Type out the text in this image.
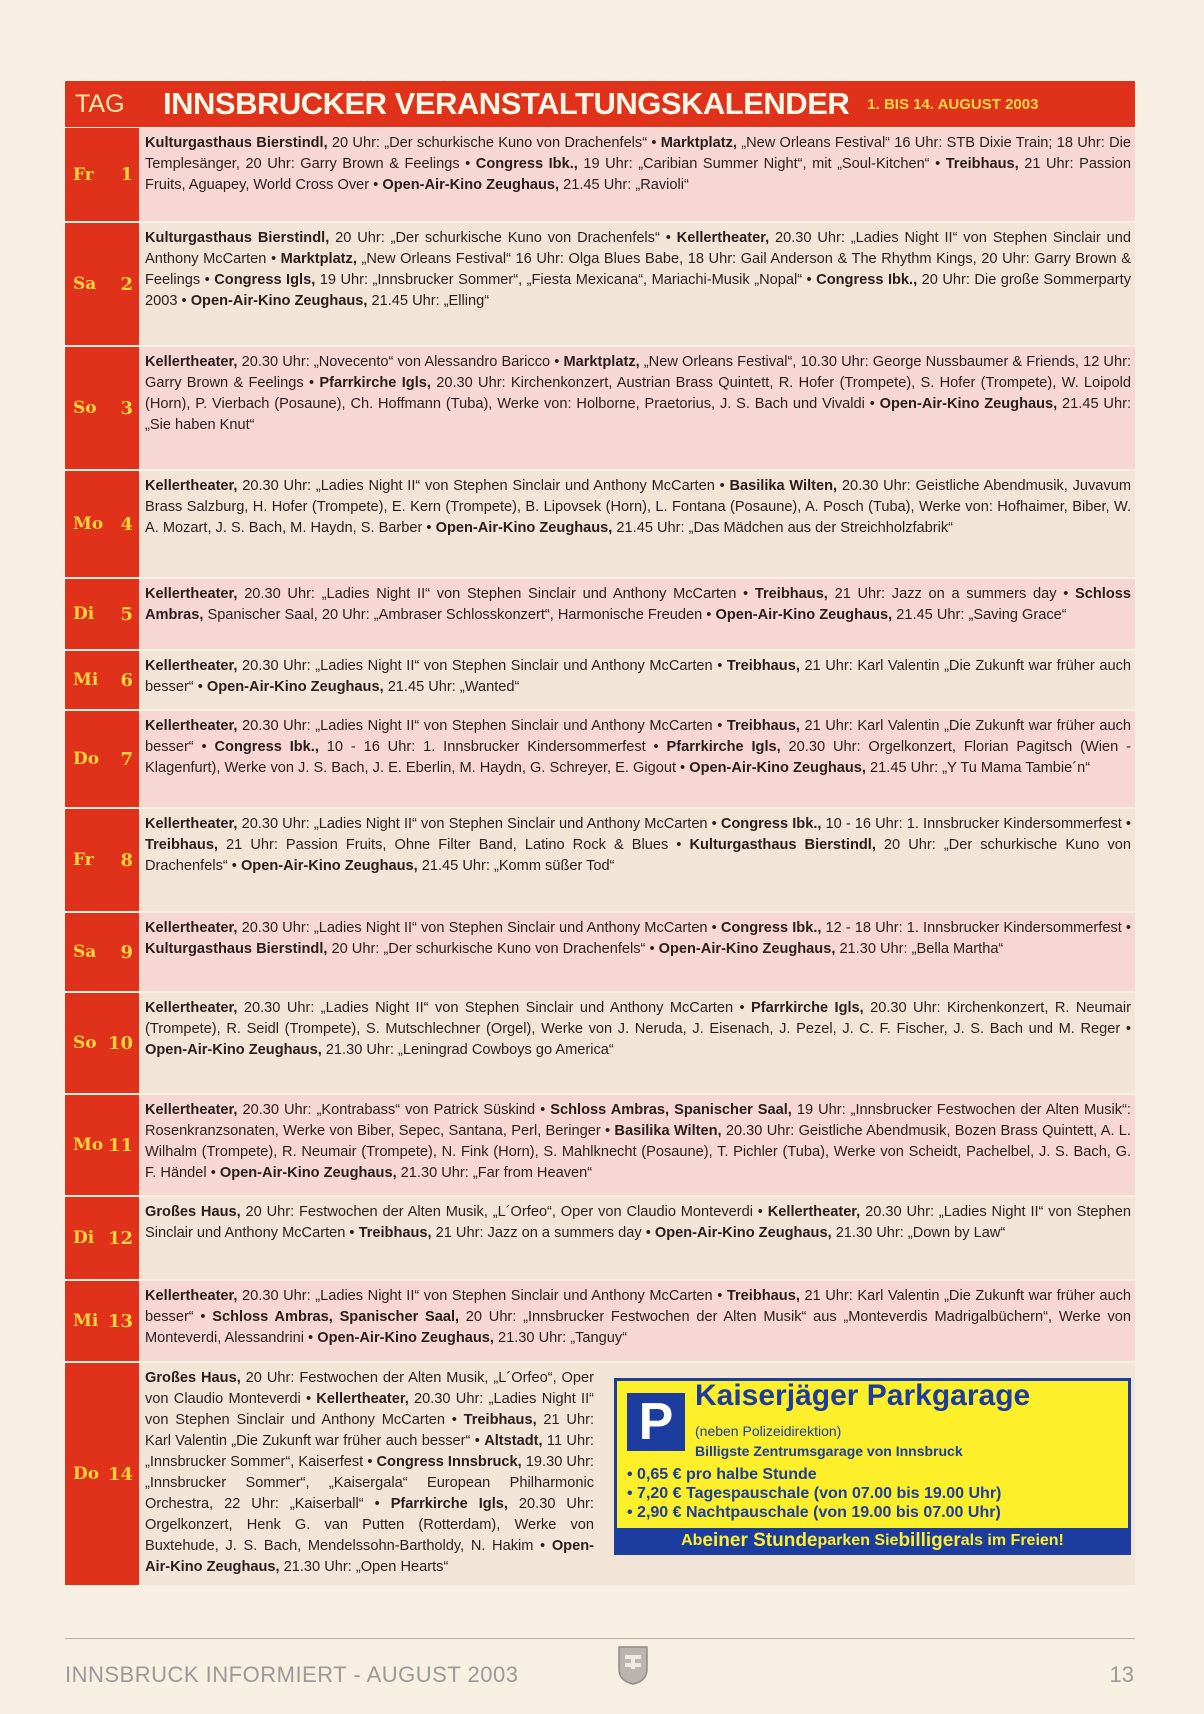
TAG	INNSBRUCKER VERANSTALTUNGSKALENDER 1. BIS 14. AUGUST 2003
Fr 1
Kulturgasthaus Bierstindl, 20 Uhr: „Der schurkische Kuno von Drachenfels“ • Marktplatz, „New Orleans Festival“ 16 Uhr: STB Dixie Train; 18 Uhr: Die Templesänger, 20 Uhr: Garry Brown & Feelings • Congress Ibk., 19 Uhr: „Caribian Summer Night“, mit „Soul-Kitchen“ • Treibhaus, 21 Uhr: Passion Fruits, Aguapey, World Cross Over • Open-Air-Kino Zeughaus, 21.45 Uhr: „Ravioli“
Sa 2
Kulturgasthaus Bierstindl, 20 Uhr: „Der schurkische Kuno von Drachenfels“ • Kellertheater, 20.30 Uhr: „Ladies Night II“ von Stephen Sinclair und Anthony McCarten • Marktplatz, „New Orleans Festival“ 16 Uhr: Olga Blues Babe, 18 Uhr: Gail Anderson & The Rhythm Kings, 20 Uhr: Garry Brown & Feelings • Congress Igls, 19 Uhr: „Innsbrucker Sommer“, „Fiesta Mexicana“, Mariachi-Musik „Nopal“ • Congress Ibk., 20 Uhr: Die große Sommerparty 2003 • Open-Air-Kino Zeughaus, 21.45 Uhr: „Elling“
So 3
Kellertheater, 20.30 Uhr: „Novecento“ von Alessandro Baricco • Marktplatz, „New Orleans Festival“, 10.30 Uhr: George Nussbaumer & Friends, 12 Uhr: Garry Brown & Feelings • Pfarrkirche Igls, 20.30 Uhr: Kirchenkonzert, Austrian Brass Quintett, R. Hofer (Trompete), S. Hofer (Trompete), W. Loipold (Horn), P. Vierbach (Posaune), Ch. Hoffmann (Tuba), Werke von: Holborne, Praetorius, J. S. Bach und Vivaldi • Open-Air-Kino Zeughaus, 21.45 Uhr: „Sie haben Knut“
Mo 4
Kellertheater, 20.30 Uhr: „Ladies Night II“ von Stephen Sinclair und Anthony McCarten • Basilika Wilten, 20.30 Uhr: Geistliche Abendmusik, Juvavum Brass Salzburg, H. Hofer (Trompete), E. Kern (Trompete), B. Lipovsek (Horn), L. Fontana (Posaune), A. Posch (Tuba), Werke von: Hofhaimer, Biber, W. A. Mozart, J. S. Bach, M. Haydn, S. Barber • Open-Air-Kino Zeughaus, 21.45 Uhr: „Das Mädchen aus der Streichholzfabrik“
Di 5
Kellertheater, 20.30 Uhr: „Ladies Night II“ von Stephen Sinclair und Anthony McCarten • Treibhaus, 21 Uhr: Jazz on a summers day • Schloss Ambras, Spanischer Saal, 20 Uhr: „Ambraser Schlosskonzert“, Harmonische Freuden • Open-Air-Kino Zeughaus, 21.45 Uhr: „Saving Grace“
Mi 6
Kellertheater, 20.30 Uhr: „Ladies Night II“ von Stephen Sinclair und Anthony McCarten • Treibhaus, 21 Uhr: Karl Valentin „Die Zukunft war früher auch besser“ • Open-Air-Kino Zeughaus, 21.45 Uhr: „Wanted“
Do 7
Kellertheater, 20.30 Uhr: „Ladies Night II“ von Stephen Sinclair und Anthony McCarten • Treibhaus, 21 Uhr: Karl Valentin „Die Zukunft war früher auch besser“ • Congress Ibk., 10 - 16 Uhr: 1. Innsbrucker Kindersommerfest • Pfarrkirche Igls, 20.30 Uhr: Orgelkonzert, Florian Pagitsch (Wien - Klagenfurt), Werke von J. S. Bach, J. E. Eberlin, M. Haydn, G. Schreyer, E. Gigout • Open-Air-Kino Zeughaus, 21.45 Uhr: „Y Tu Mama Tambie´n“
Fr 8
Kellertheater, 20.30 Uhr: „Ladies Night II“ von Stephen Sinclair und Anthony McCarten • Congress Ibk., 10 - 16 Uhr: 1. Innsbrucker Kindersommerfest • Treibhaus, 21 Uhr: Passion Fruits, Ohne Filter Band, Latino Rock & Blues • Kulturgasthaus Bierstindl, 20 Uhr: „Der schurkische Kuno von Drachenfels“ • Open-Air-Kino Zeughaus, 21.45 Uhr: „Komm süßer Tod“
Sa 9
Kellertheater, 20.30 Uhr: „Ladies Night II“ von Stephen Sinclair und Anthony McCarten • Congress Ibk., 12 - 18 Uhr: 1. Innsbrucker Kindersommerfest • Kulturgasthaus Bierstindl, 20 Uhr: „Der schurkische Kuno von Drachenfels“ • Open-Air-Kino Zeughaus, 21.30 Uhr: „Bella Martha“
So 10
Kellertheater, 20.30 Uhr: „Ladies Night II“ von Stephen Sinclair und Anthony McCarten • Pfarrkirche Igls, 20.30 Uhr: Kirchenkonzert, R. Neumair (Trompete), R. Seidl (Trompete), S. Mutschlechner (Orgel), Werke von J. Neruda, J. Eisenach, J. Pezel, J. C. F. Fischer, J. S. Bach und M. Reger • Open-Air-Kino Zeughaus, 21.30 Uhr: „Leningrad Cowboys go America“
Mo 11
Kellertheater, 20.30 Uhr: „Kontrabass“ von Patrick Süskind • Schloss Ambras, Spanischer Saal, 19 Uhr: „Innsbrucker Festwochen der Alten Musik“: Rosenkranzsonaten, Werke von Biber, Sepec, Santana, Perl, Beringer • Basilika Wilten, 20.30 Uhr: Geistliche Abendmusik, Bozen Brass Quintett, A. L. Wilhalm (Trompete), R. Neumair (Trompete), N. Fink (Horn), S. Mahlknecht (Posaune), T. Pichler (Tuba), Werke von Scheidt, Pachelbel, J. S. Bach, G. F. Händel • Open-Air-Kino Zeughaus, 21.30 Uhr: „Far from Heaven“
Di 12
Großes Haus, 20 Uhr: Festwochen der Alten Musik, „L´Orfeo“, Oper von Claudio Monteverdi • Kellertheater, 20.30 Uhr: „Ladies Night II“ von Stephen Sinclair und Anthony McCarten • Treibhaus, 21 Uhr: Jazz on a summers day • Open-Air-Kino Zeughaus, 21.30 Uhr: „Down by Law“
Mi 13
Kellertheater, 20.30 Uhr: „Ladies Night II“ von Stephen Sinclair und Anthony McCarten • Treibhaus, 21 Uhr: Karl Valentin „Die Zukunft war früher auch besser“ • Schloss Ambras, Spanischer Saal, 20 Uhr: „Innsbrucker Festwochen der Alten Musik“ aus „Monteverdis Madrigalbüchern“, Werke von Monteverdi, Alessandrini • Open-Air-Kino Zeughaus, 21.30 Uhr: „Tanguy“
Do 14
P Kaiserjäger Parkgarage
(neben Polizeidirektion)
Billigste Zentrumsgarage von Innsbruck
• 0,65 € pro halbe Stunde
• 7,20 € Tagespauschale (von 07.00 bis 19.00 Uhr)
• 2,90 € Nachtpauschale (von 19.00 bis 07.00 Uhr)
Ab einer Stunde parken Sie billiger als im Freien!
Großes Haus, 20 Uhr: Festwochen der Alten Musik, „L´Orfeo“, Oper von Claudio Monteverdi • Kellertheater, 20.30 Uhr: „Ladies Night II“ von Stephen Sinclair und Anthony McCarten • Treibhaus, 21 Uhr: Karl Valentin „Die Zukunft war früher auch besser“ • Altstadt, 11 Uhr: „Innsbrucker Sommer“, Kaiserfest • Congress Innsbruck, 19.30 Uhr: „Innsbrucker Sommer“, „Kaisergala“ European Philharmonic Orchestra, 22 Uhr: „Kaiserball“ • Pfarrkirche Igls, 20.30 Uhr: Orgelkonzert, Henk G. van Putten (Rotterdam), Werke von Buxtehude, J. S. Bach, Mendelssohn-Bartholdy, N. Hakim • Open-Air-Kino Zeughaus, 21.30 Uhr: „Open Hearts“
INNSBRUCK INFORMIERT - AUGUST 2003	13
